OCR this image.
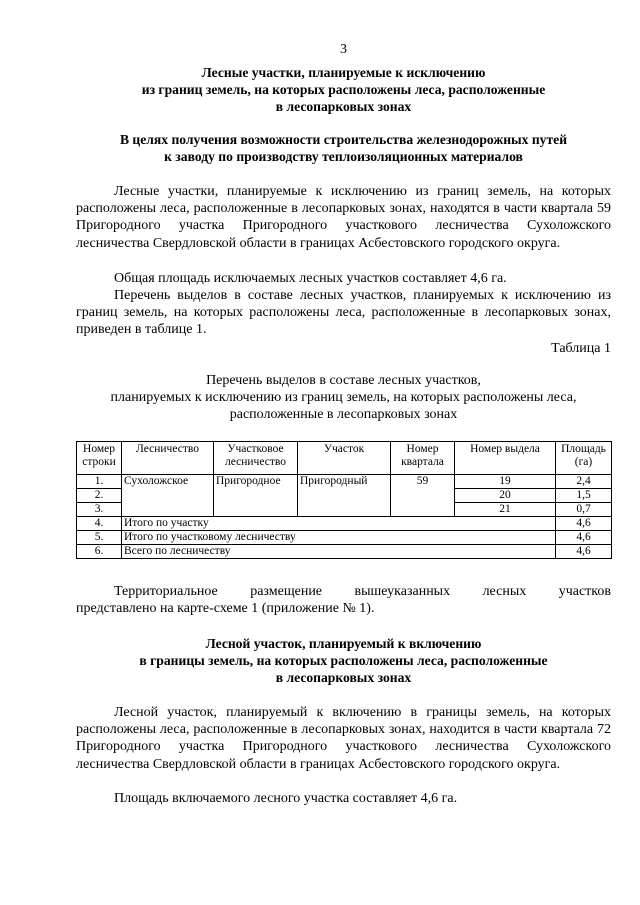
3
Лесные участки, планируемые к исключению
из границ земель, на которых расположены леса, расположенные
в лесопарковых зонах
В целях получения возможности строительства железнодорожных путей
к заводу по производству теплоизоляционных материалов
Лесные участки, планируемые к исключению из границ земель, на которых расположены леса, расположенные в лесопарковых зонах, находятся в части квартала 59 Пригородного участка Пригородного участкового лесничества Сухоложского лесничества Свердловской области в границах Асбестовского городского округа.
Общая площадь исключаемых лесных участков составляет 4,6 га.
Перечень выделов в составе лесных участков, планируемых к исключению из границ земель, на которых расположены леса, расположенные в лесопарковых зонах, приведен в таблице 1.
Таблица 1
Перечень выделов в составе лесных участков,
планируемых к исключению из границ земель, на которых расположены леса,
расположенные в лесопарковых зонах
Номер строки	Лесничество	Участковое лесничество	Участок	Номер квартала	Номер выдела	Площадь (га)
1.	Сухоложское	Пригородное	Пригородный	59	19	2,4
2.					20	1,5
3.					21	0,7
4.	Итого по участку					4,6
5.	Итого по участковому лесничеству					4,6
6.	Всего по лесничеству					4,6
Территориальное размещение вышеуказанных лесных участков
представлено на карте-схеме 1 (приложение № 1).
Лесной участок, планируемый к включению
в границы земель, на которых расположены леса, расположенные
в лесопарковых зонах
Лесной участок, планируемый к включению в границы земель, на которых расположены леса, расположенные в лесопарковых зонах, находится в части квартала 72 Пригородного участка Пригородного участкового лесничества Сухоложского лесничества Свердловской области в границах Асбестовского городского округа.
Площадь включаемого лесного участка составляет 4,6 га.
